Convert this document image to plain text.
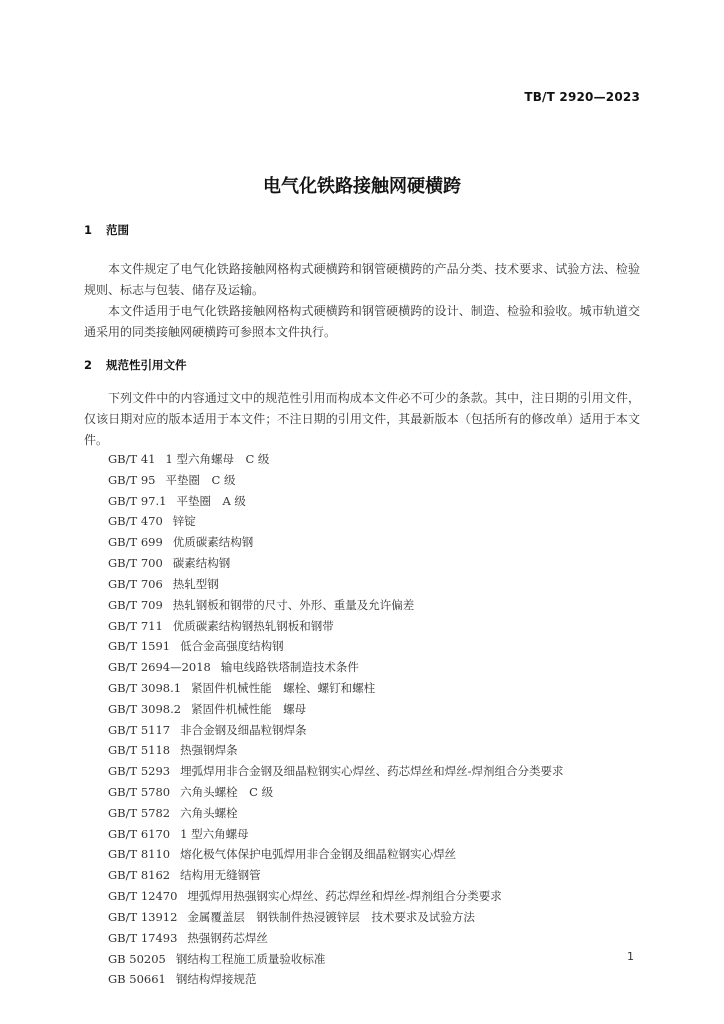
TB/T 2920—2023
电气化铁路接触网硬横跨
1 范围
本文件规定了电气化铁路接触网格构式硬横跨和钢管硬横跨的产品分类、技术要求、试验方法、检验规则、标志与包装、储存及运输。
本文件适用于电气化铁路接触网格构式硬横跨和钢管硬横跨的设计、制造、检验和验收。城市轨道交通采用的同类接触网硬横跨可参照本文件执行。
2 规范性引用文件
下列文件中的内容通过文中的规范性引用而构成本文件必不可少的条款。其中，注日期的引用文件，仅该日期对应的版本适用于本文件；不注日期的引用文件，其最新版本（包括所有的修改单）适用于本文件。
GB/T 41 1 型六角螺母　C 级
GB/T 95 平垫圈　C 级
GB/T 97.1 平垫圈　A 级
GB/T 470 锌锭
GB/T 699 优质碳素结构钢
GB/T 700 碳素结构钢
GB/T 706 热轧型钢
GB/T 709 热轧钢板和钢带的尺寸、外形、重量及允许偏差
GB/T 711 优质碳素结构钢热轧钢板和钢带
GB/T 1591 低合金高强度结构钢
GB/T 2694—2018 输电线路铁塔制造技术条件
GB/T 3098.1 紧固件机械性能　螺栓、螺钉和螺柱
GB/T 3098.2 紧固件机械性能　螺母
GB/T 5117 非合金钢及细晶粒钢焊条
GB/T 5118 热强钢焊条
GB/T 5293 埋弧焊用非合金钢及细晶粒钢实心焊丝、药芯焊丝和焊丝-焊剂组合分类要求
GB/T 5780 六角头螺栓　C 级
GB/T 5782 六角头螺栓
GB/T 6170 1 型六角螺母
GB/T 8110 熔化极气体保护电弧焊用非合金钢及细晶粒钢实心焊丝
GB/T 8162 结构用无缝钢管
GB/T 12470 埋弧焊用热强钢实心焊丝、药芯焊丝和焊丝-焊剂组合分类要求
GB/T 13912 金属覆盖层　钢铁制件热浸镀锌层　技术要求及试验方法
GB/T 17493 热强钢药芯焊丝
GB 50205 钢结构工程施工质量验收标准
GB 50661 钢结构焊接规范
1
